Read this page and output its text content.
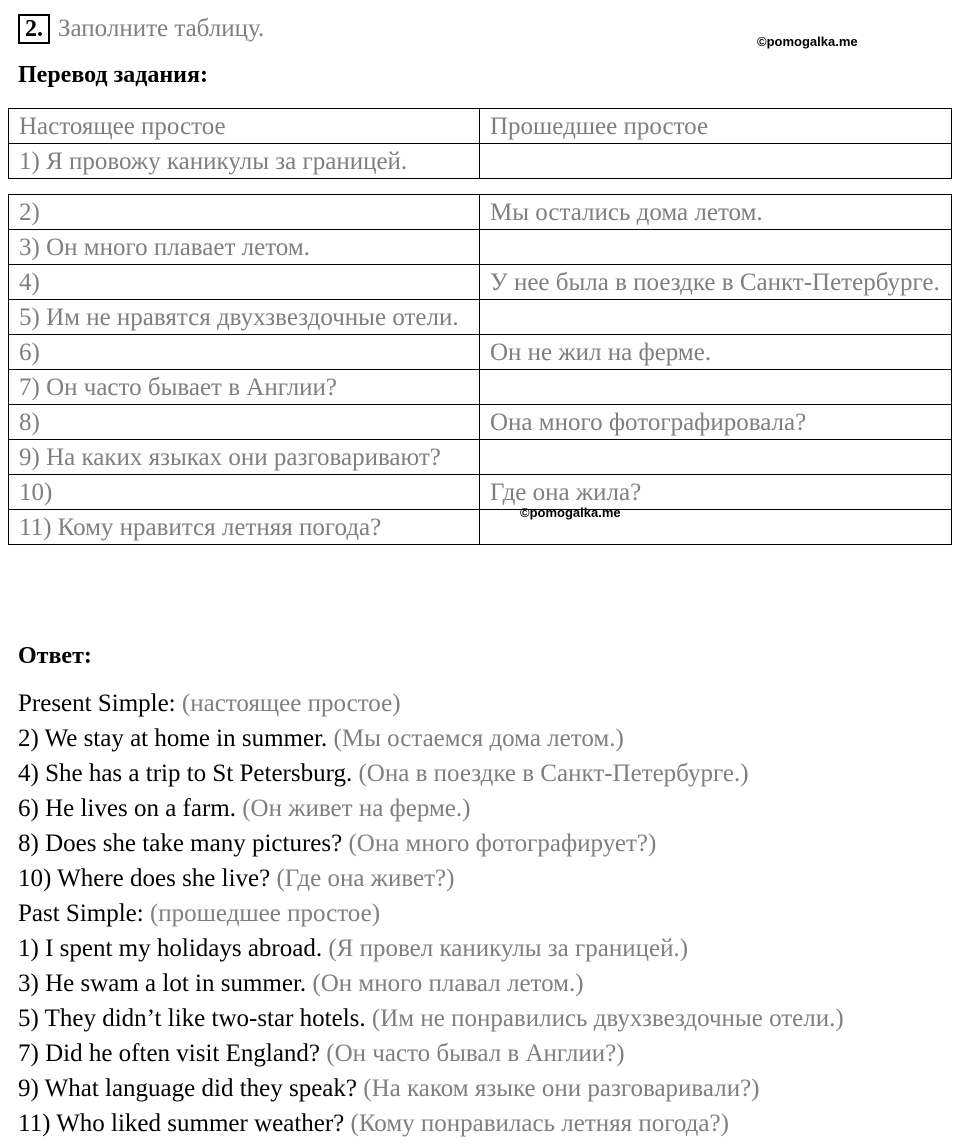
2. Заполните таблицу.	©pomogalka.me
Перевод задания:
Настоящее простое	Прошедшее простое
1) Я провожу каникулы за границей.	
2)	Мы остались дома летом.
3) Он много плавает летом.	
4)	У нее была в поездке в Санкт-Петербурге.
5) Им не нравятся двухзвездочные отели.	
6)	Он не жил на ферме.
7) Он часто бывает в Англии?	
8)	Она много фотографировала?
9) На каких языках они разговаривают?	
10)	Где она жила?
11) Кому нравится летняя погода?	
©pomogalka.me
Ответ:
Present Simple: (настоящее простое)
2) We stay at home in summer. (Мы остаемся дома летом.)
4) She has a trip to St Petersburg. (Она в поездке в Санкт-Петербурге.)
6) He lives on a farm. (Он живет на ферме.)
8) Does she take many pictures? (Она много фотографирует?)
10) Where does she live? (Где она живет?)
Past Simple: (прошедшее простое)
1) I spent my holidays abroad. (Я провел каникулы за границей.)
3) He swam a lot in summer. (Он много плавал летом.)
5) They didn’t like two-star hotels. (Им не понравились двухзвездочные отели.)
7) Did he often visit England? (Он часто бывал в Англии?)
9) What language did they speak? (На каком языке они разговаривали?)
11) Who liked summer weather? (Кому понравилась летняя погода?)
